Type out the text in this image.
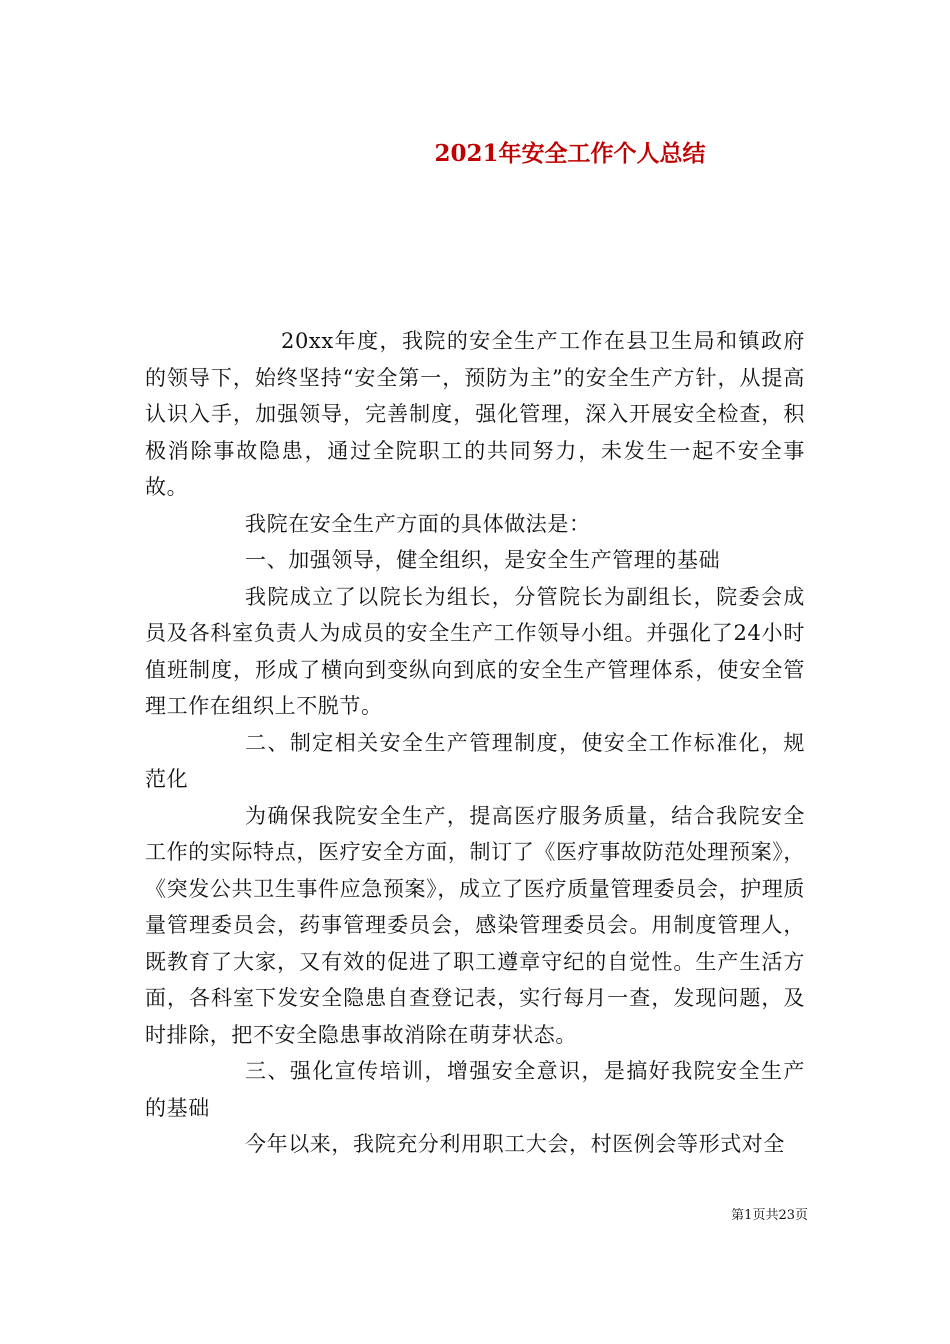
2021年安全工作个人总结

20xx年度，我院的安全生产工作在县卫生局和镇政府的领导下，始终坚持“安全第一，预防为主”的安全生产方针，从提高认识入手，加强领导，完善制度，强化管理，深入开展安全检查，积极消除事故隐患，通过全院职工的共同努力，未发生一起不安全事故。

我院在安全生产方面的具体做法是：

一、加强领导，健全组织，是安全生产管理的基础

我院成立了以院长为组长，分管院长为副组长，院委会成员及各科室负责人为成员的安全生产工作领导小组。并强化了24小时值班制度，形成了横向到变纵向到底的安全生产管理体系，使安全管理工作在组织上不脱节。

二、制定相关安全生产管理制度，使安全工作标准化，规范化

为确保我院安全生产，提高医疗服务质量，结合我院安全工作的实际特点，医疗安全方面，制订了《医疗事故防范处理预案》，《突发公共卫生事件应急预案》，成立了医疗质量管理委员会，护理质量管理委员会，药事管理委员会，感染管理委员会。用制度管理人，既教育了大家，又有效的促进了职工遵章守纪的自觉性。生产生活方面，各科室下发安全隐患自查登记表，实行每月一查，发现问题，及时排除，把不安全隐患事故消除在萌芽状态。

三、强化宣传培训，增强安全意识，是搞好我院安全生产的基础

今年以来，我院充分利用职工大会，村医例会等形式对全

第1页共23页
